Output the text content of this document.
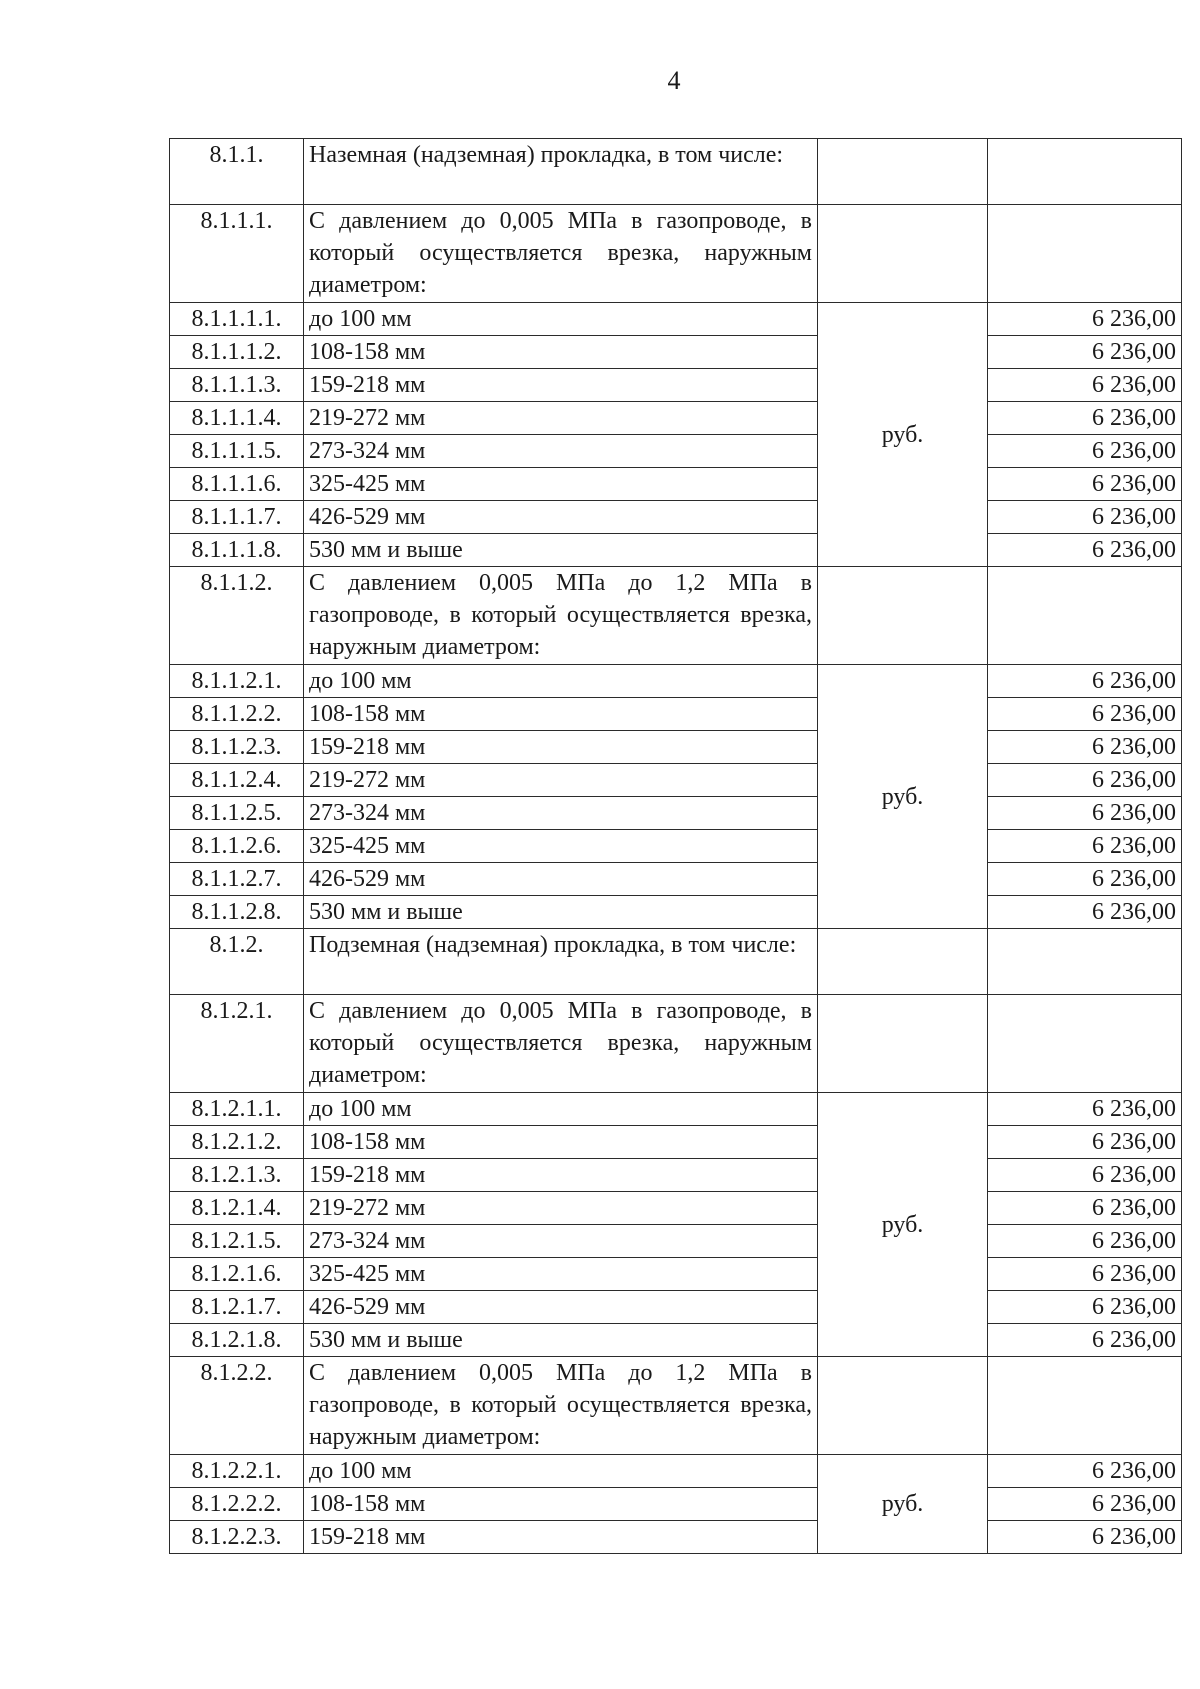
4
8.1.1.	Наземная (надземная) прокладка, в том числе:		
8.1.1.1.	С давлением до 0,005 МПа в газопроводе, в который осуществляется врезка, наружным диаметром:		
8.1.1.1.1.	до 100 мм	руб.	6 236,00
8.1.1.1.2.	108-158 мм		6 236,00
8.1.1.1.3.	159-218 мм		6 236,00
8.1.1.1.4.	219-272 мм		6 236,00
8.1.1.1.5.	273-324 мм		6 236,00
8.1.1.1.6.	325-425 мм		6 236,00
8.1.1.1.7.	426-529 мм		6 236,00
8.1.1.1.8.	530 мм и выше		6 236,00
8.1.1.2.	С давлением 0,005 МПа до 1,2 МПа в газопроводе, в который осуществляется врезка, наружным диаметром:		
8.1.1.2.1.	до 100 мм	руб.	6 236,00
8.1.1.2.2.	108-158 мм		6 236,00
8.1.1.2.3.	159-218 мм		6 236,00
8.1.1.2.4.	219-272 мм		6 236,00
8.1.1.2.5.	273-324 мм		6 236,00
8.1.1.2.6.	325-425 мм		6 236,00
8.1.1.2.7.	426-529 мм		6 236,00
8.1.1.2.8.	530 мм и выше		6 236,00
8.1.2.	Подземная (надземная) прокладка, в том числе:		
8.1.2.1.	С давлением до 0,005 МПа в газопроводе, в который осуществляется врезка, наружным диаметром:		
8.1.2.1.1.	до 100 мм	руб.	6 236,00
8.1.2.1.2.	108-158 мм		6 236,00
8.1.2.1.3.	159-218 мм		6 236,00
8.1.2.1.4.	219-272 мм		6 236,00
8.1.2.1.5.	273-324 мм		6 236,00
8.1.2.1.6.	325-425 мм		6 236,00
8.1.2.1.7.	426-529 мм		6 236,00
8.1.2.1.8.	530 мм и выше		6 236,00
8.1.2.2.	С давлением 0,005 МПа до 1,2 МПа в газопроводе, в который осуществляется врезка, наружным диаметром:		
8.1.2.2.1.	до 100 мм	руб.	6 236,00
8.1.2.2.2.	108-158 мм		6 236,00
8.1.2.2.3.	159-218 мм		6 236,00
